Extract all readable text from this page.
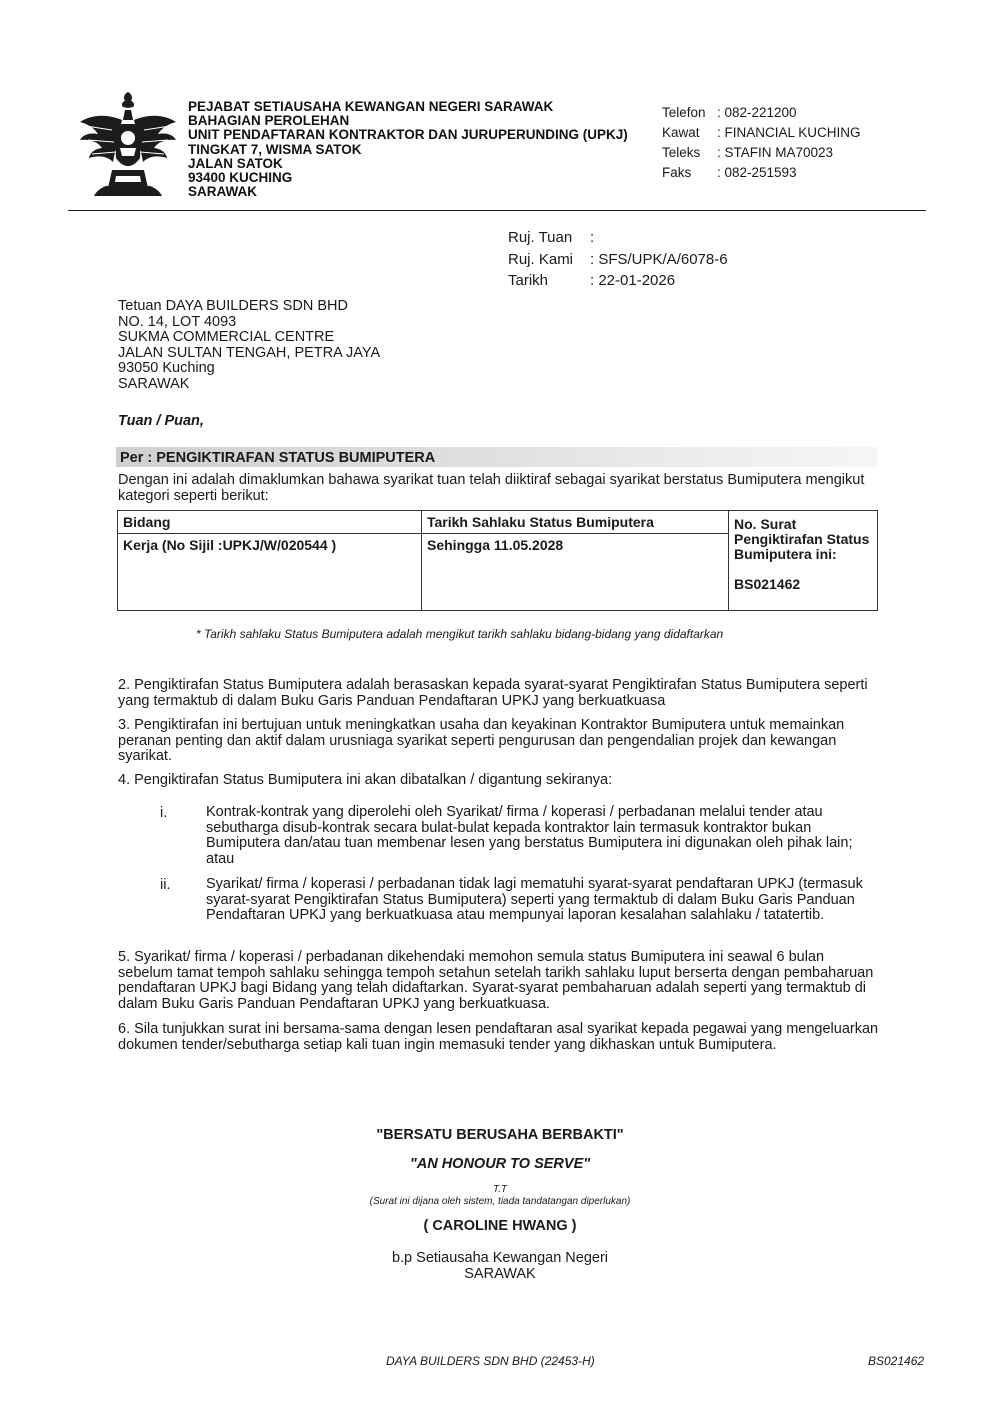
PEJABAT SETIAUSAHA KEWANGAN NEGERI SARAWAK
BAHAGIAN PEROLEHAN
UNIT PENDAFTARAN KONTRAKTOR DAN JURUPERUNDING (UPKJ)
TINGKAT 7, WISMA SATOK
JALAN SATOK
93400 KUCHING
SARAWAK
Telefon : 082-221200
Kawat	: FINANCIAL KUCHING
Teleks	: STAFIN MA70023
Faks	: 082-251593
Ruj. Tuan	:
Ruj. Kami	: SFS/UPK/A/6078-6
Tarikh	: 22-01-2026
Tetuan DAYA BUILDERS SDN BHD
NO. 14, LOT 4093
SUKMA COMMERCIAL CENTRE
JALAN SULTAN TENGAH, PETRA JAYA
93050 Kuching
SARAWAK
Tuan / Puan,
Per : PENGIKTIRAFAN STATUS BUMIPUTERA
Dengan ini adalah dimaklumkan bahawa syarikat tuan telah diiktiraf sebagai syarikat berstatus Bumiputera mengikut kategori seperti berikut:
Bidang	Tarikh Sahlaku Status Bumiputera	No. Surat Pengiktirafan Status Bumiputera ini:
BS021462

Kerja (No Sijil :UPKJ/W/020544 )	Sehingga 11.05.2028	
* Tarikh sahlaku Status Bumiputera adalah mengikut tarikh sahlaku bidang-bidang yang didaftarkan
2. Pengiktirafan Status Bumiputera adalah berasaskan kepada syarat-syarat Pengiktirafan Status Bumiputera seperti yang termaktub di dalam Buku Garis Panduan Pendaftaran UPKJ yang berkuatkuasa
3. Pengiktirafan ini bertujuan untuk meningkatkan usaha dan keyakinan Kontraktor Bumiputera untuk memainkan peranan penting dan aktif dalam urusniaga syarikat seperti pengurusan dan pengendalian projek dan kewangan syarikat.
4. Pengiktirafan Status Bumiputera ini akan dibatalkan / digantung sekiranya:
i.	Kontrak-kontrak yang diperolehi oleh Syarikat/ firma / koperasi / perbadanan melalui tender atau sebutharga disub-kontrak secara bulat-bulat kepada kontraktor lain termasuk kontraktor bukan Bumiputera dan/atau tuan membenar lesen yang berstatus Bumiputera ini digunakan oleh pihak lain; atau
ii. Syarikat/ firma / koperasi / perbadanan tidak lagi mematuhi syarat-syarat pendaftaran UPKJ (termasuk syarat-syarat Pengiktirafan Status Bumiputera) seperti yang termaktub di dalam Buku Garis Panduan Pendaftaran UPKJ yang berkuatkuasa atau mempunyai laporan kesalahan salahlaku / tatatertib.
5. Syarikat/ firma / koperasi / perbadanan dikehendaki memohon semula status Bumiputera ini seawal 6 bulan sebelum tamat tempoh sahlaku sehingga tempoh setahun setelah tarikh sahlaku luput berserta dengan pembaharuan pendaftaran UPKJ bagi Bidang yang telah didaftarkan. Syarat-syarat pembaharuan adalah seperti yang termaktub di dalam Buku Garis Panduan Pendaftaran UPKJ yang berkuatkuasa.
6. Sila tunjukkan surat ini bersama-sama dengan lesen pendaftaran asal syarikat kepada pegawai yang mengeluarkan dokumen tender/sebutharga setiap kali tuan ingin memasuki tender yang dikhaskan untuk Bumiputera.
"BERSATU BERUSAHA BERBAKTI"
"AN HONOUR TO SERVE"
T.T
(Surat ini dijana oleh sistem, tiada tandatangan diperlukan)
( CAROLINE HWANG )
b.p Setiausaha Kewangan Negeri
SARAWAK
DAYA BUILDERS SDN BHD (22453-H)	BS021462
